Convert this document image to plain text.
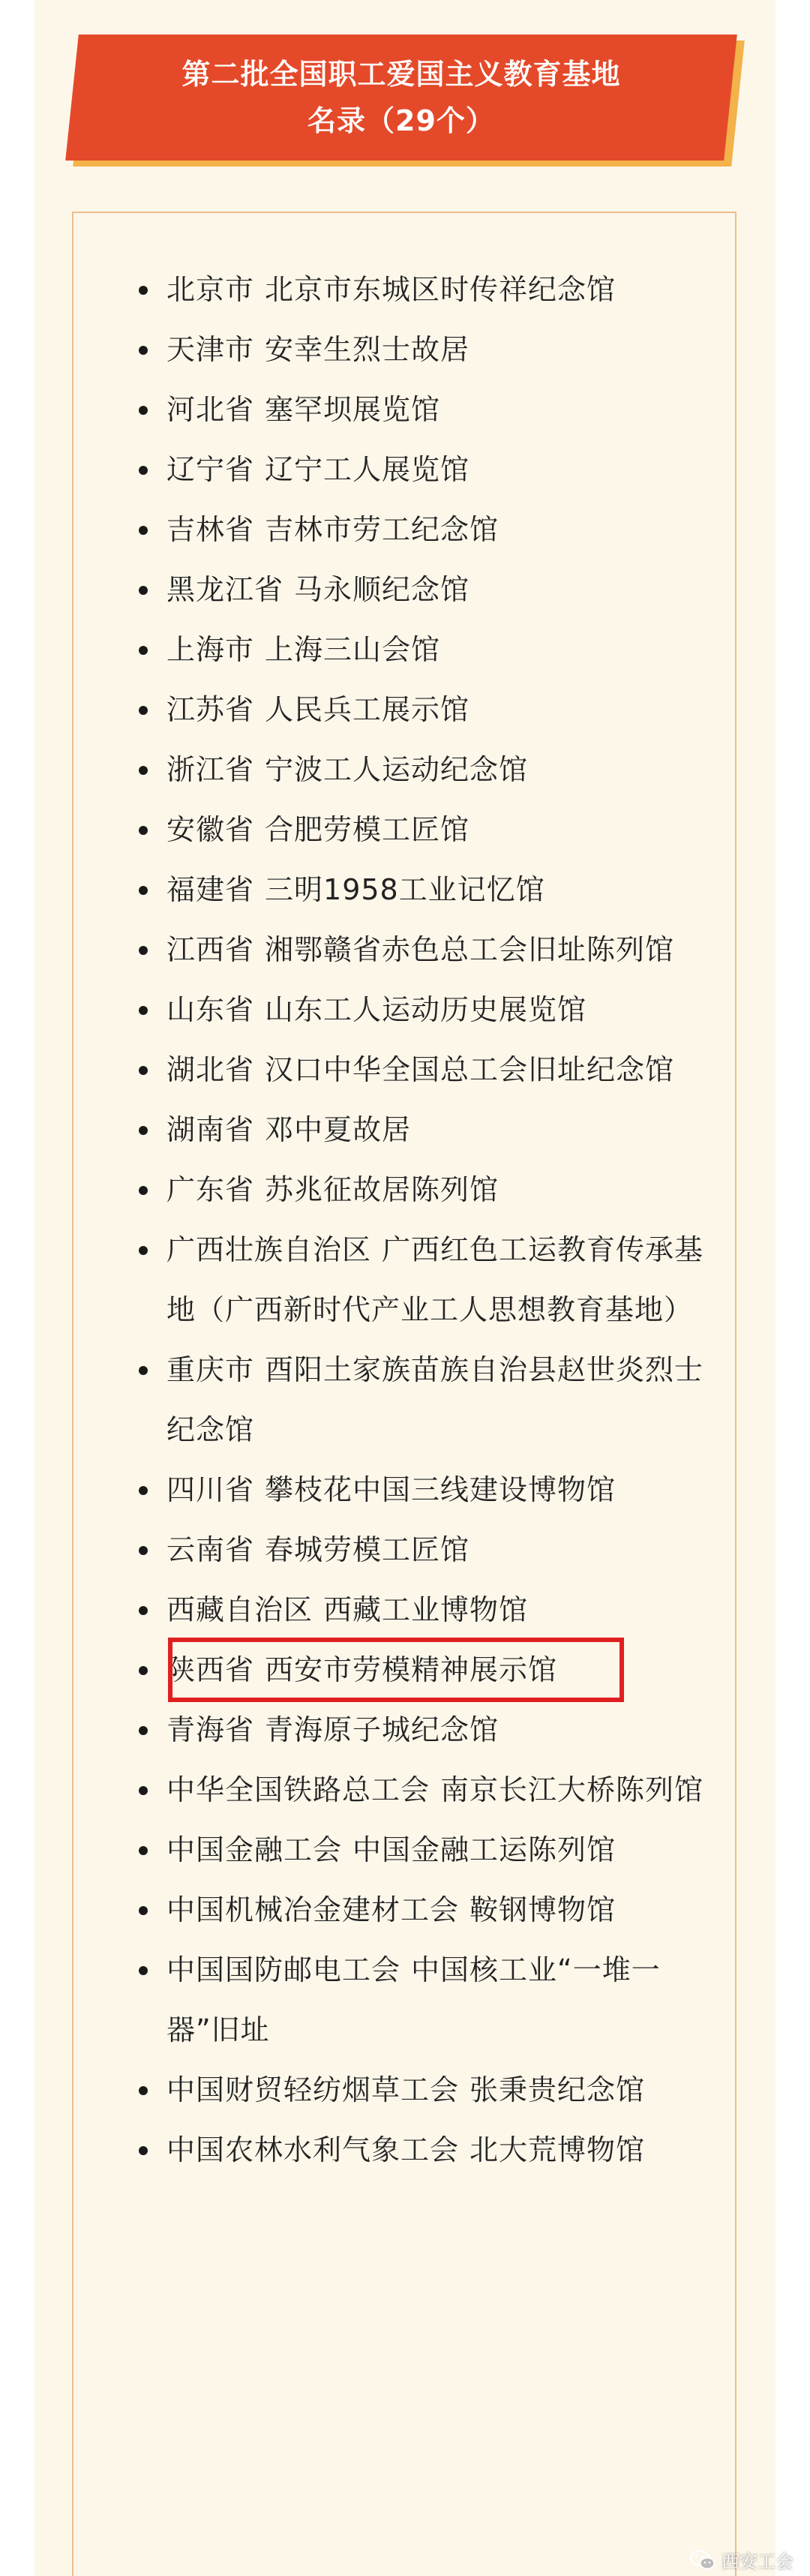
第二批全国职工爱国主义教育基地
名录（29个）
北京市 北京市东城区时传祥纪念馆
天津市 安幸生烈士故居
河北省 塞罕坝展览馆
辽宁省 辽宁工人展览馆
吉林省 吉林市劳工纪念馆
黑龙江省 马永顺纪念馆
上海市 上海三山会馆
江苏省 人民兵工展示馆
浙江省 宁波工人运动纪念馆
安徽省 合肥劳模工匠馆
福建省 三明1958工业记忆馆
江西省 湘鄂赣省赤色总工会旧址陈列馆
山东省 山东工人运动历史展览馆
湖北省 汉口中华全国总工会旧址纪念馆
湖南省 邓中夏故居
广东省 苏兆征故居陈列馆
广西壮族自治区 广西红色工运教育传承基地（广西新时代产业工人思想教育基地）
重庆市 酉阳土家族苗族自治县赵世炎烈士纪念馆
四川省 攀枝花中国三线建设博物馆
云南省 春城劳模工匠馆
西藏自治区 西藏工业博物馆
陕西省 西安市劳模精神展示馆
青海省 青海原子城纪念馆
中华全国铁路总工会 南京长江大桥陈列馆
中国金融工会 中国金融工运陈列馆
中国机械冶金建材工会 鞍钢博物馆
中国国防邮电工会 中国核工业“一堆一器”旧址
中国财贸轻纺烟草工会 张秉贵纪念馆
中国农林水利气象工会 北大荒博物馆
西安工会
